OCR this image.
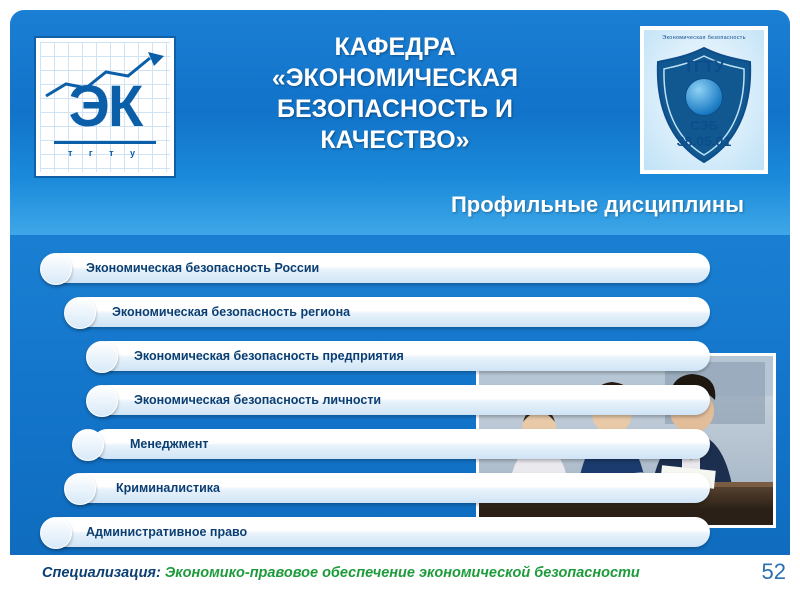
ЭК
т г т у
КАФЕДРА
«ЭКОНОМИЧЕСКАЯ
БЕЗОПАСНОСТЬ И
КАЧЕСТВО»
Экономическая безопасность
ТГТУ
СЭБ
38.05.01
Профильные дисциплины
Экономическая безопасность России
Экономическая безопасность региона
Экономическая безопасность предприятия
Экономическая безопасность личности
Менеджмент
Криминалистика
Административное право
Специализация: Экономико-правовое обеспечение экономической безопасности	52
